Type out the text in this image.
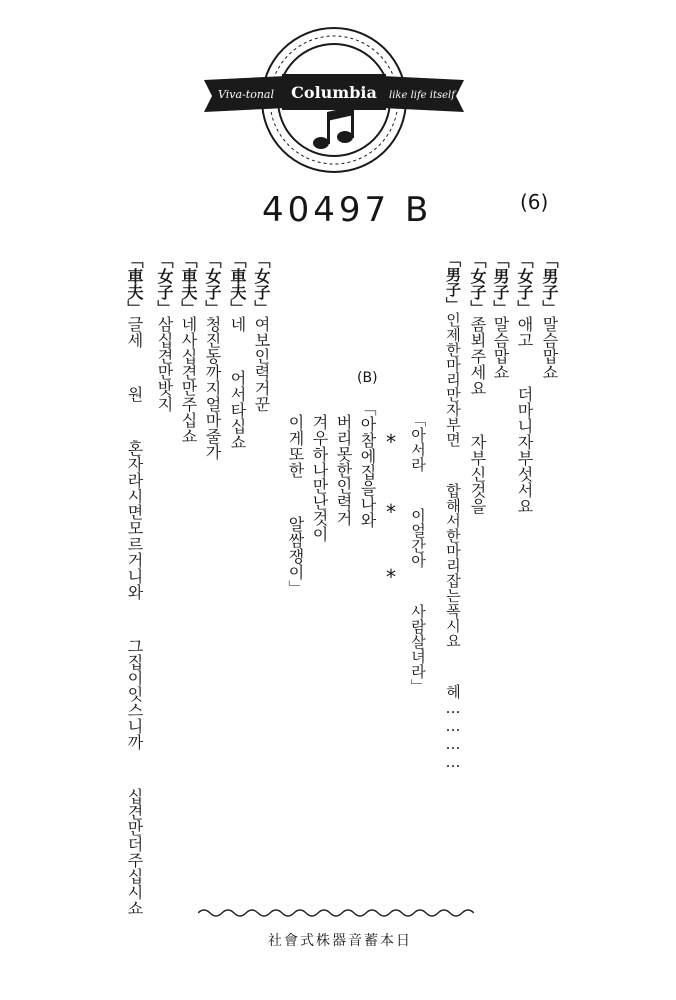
Viva-tonal Columbia like life itself
40497 B	(6)
「男子」말슴맙쇼
「女子」애고  더마니자부섯서요
「男子」말슴맙쇼
「女子」좀뵈주세요  자부신것을
「男子」인제한마리만자부면  합해서한마리잡는폭시요  헤…………
「아서라  이얼간아  사람살녀라」
(B)
*
*
*
「아참에집을나와
버리못한인력거
겨우하나만난것이
이게또한  알쌈쟁이」
「女子」여보인력거꾼
「車夫」네  어서타십쇼
「女子」청진동까지얼마줄가
「車夫」네사십견만주십쇼
「女子」삼십견만밧지
「車夫」글세  원  혼자라시면모르거니와  그집이잇스니까  십견만더주십시쇼
日本蓄音器株式會社
